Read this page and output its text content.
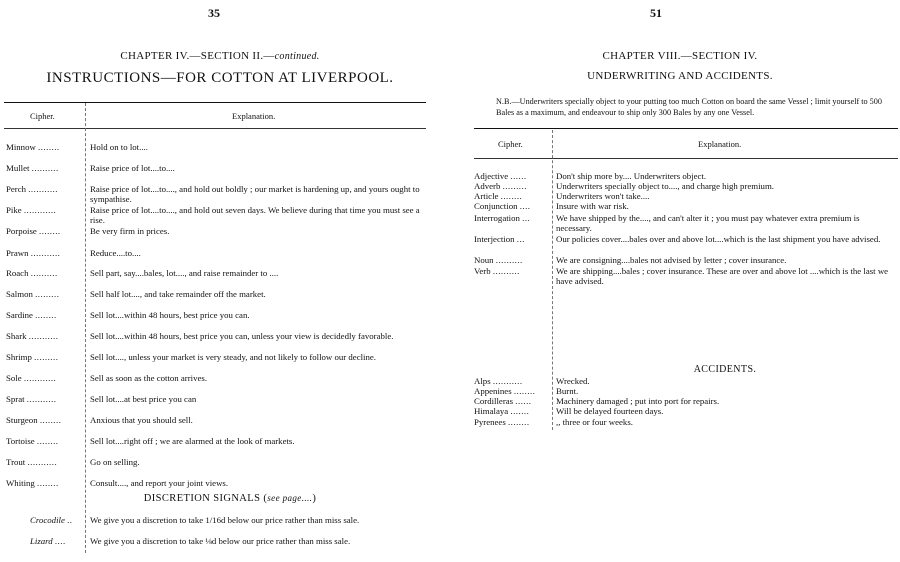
35
CHAPTER IV.—SECTION II.—continued.
INSTRUCTIONS—FOR COTTON AT LIVERPOOL.
Cipher.	Explanation.
Minnow ........	Hold on to lot....
Mullet ..........	Raise price of lot....to....
Perch ...........	Raise price of lot....to...., and hold out boldly ; our market is hardening up, and yours ought to sympathise.
Pike ............	Raise price of lot....to...., and hold out seven days. We believe during that time you must see a rise.
Porpoise ........	Be very firm in prices.
Prawn ...........	Reduce....to....
Roach ..........	Sell part, say....bales, lot...., and raise remainder to ....
Salmon .........	Sell half lot...., and take remainder off the market.
Sardine ........	Sell lot....within 48 hours, best price you can.
Shark ...........	Sell lot....within 48 hours, best price you can, unless your view is decidedly favorable.
Shrimp .........	Sell lot...., unless your market is very steady, and not likely to follow our decline.
Sole ............	Sell as soon as the cotton arrives.
Sprat ...........	Sell lot....at best price you can
Sturgeon ........	Anxious that you should sell.
Tortoise ........	Sell lot....right off ; we are alarmed at the look of markets.
Trout ...........	Go on selling.
Whiting ........	Consult...., and report your joint views.
DISCRETION SIGNALS (see page....)
Crocodile .. We give you a discretion to take 1/16d below our price rather than miss sale.
Lizard ....	We give you a discretion to take ⅛d below our price rather than miss sale.
51
CHAPTER VIII.—SECTION IV.
UNDERWRITING AND ACCIDENTS.
N.B.—Underwriters specially object to your putting too much Cotton on board the same Vessel ; limit yourself to 500 Bales as a maximum, and endeavour to ship only 300 Bales by any one Vessel.
Cipher.	Explanation.
Adjective ......	Don't ship more by.... Underwriters object.
Adverb .........	Underwriters specially object to...., and charge high premium.
Article ........	Underwriters won't take....
Conjunction ....	Insure with war risk.
Interrogation ...	We have shipped by the...., and can't alter it ; you must pay whatever extra premium is necessary.
Interjection ...	Our policies cover....bales over and above lot....which is the last shipment you have advised.
Noun ..........	We are consigning....bales not advised by letter ; cover insurance.
Verb ..........	We are shipping....bales ; cover insurance. These are over and above lot ....which is the last we have advised.
ACCIDENTS.
Alps ...........	Wrecked.
Appenines ........ Burnt.
Cordilleras ......	Machinery damaged ; put into port for repairs.
Himalaya .......	Will be delayed fourteen days.
Pyrenees ........	,, three or four weeks.
